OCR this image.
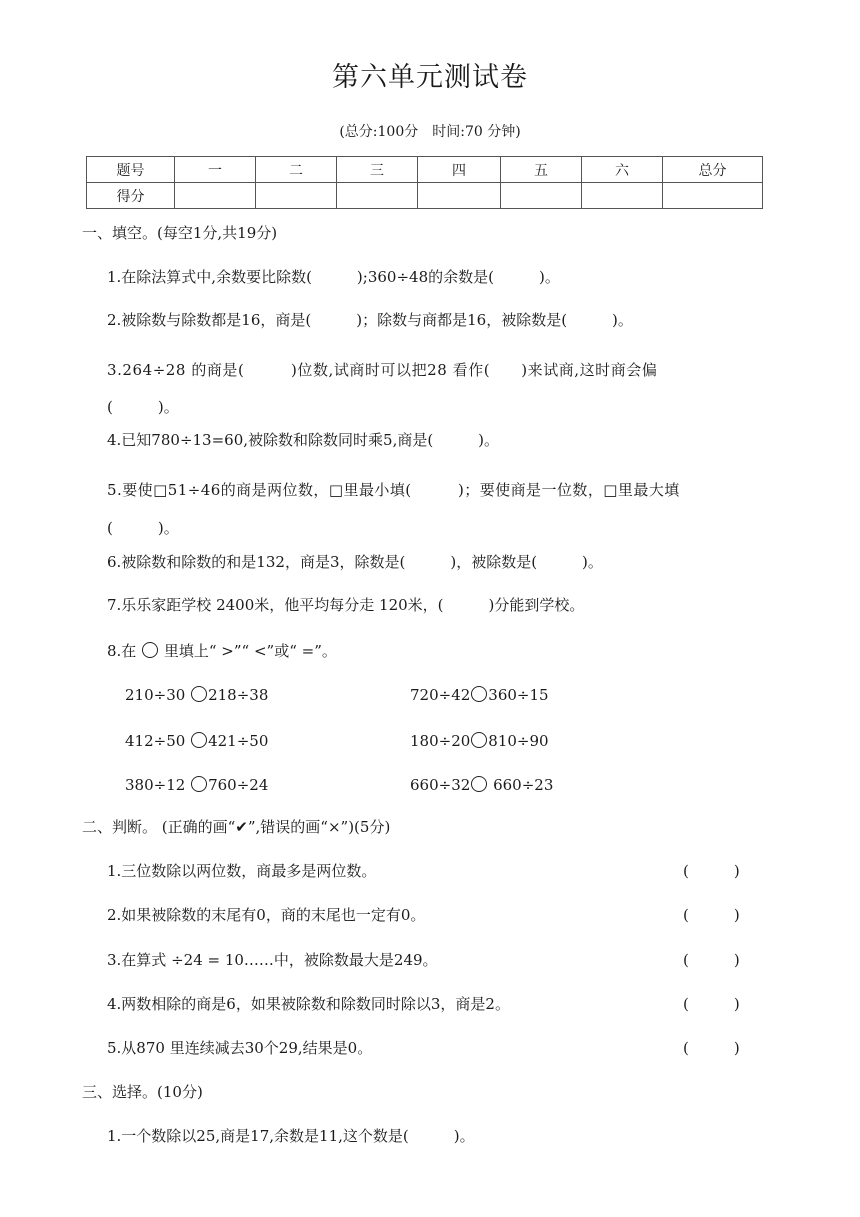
第六单元测试卷
(总分:100分　时间:70 分钟)
题号	一	二	三	四	五	六	总分
得分							
一、填空。(每空1分,共19分)
1.在除法算式中,余数要比除数(　　　);360÷48的余数是(　　　)。
2.被除数与除数都是16，商是(　　　)；除数与商都是16，被除数是(　　　)。
3.264÷28 的商是(　　　)位数,试商时可以把28 看作(　　)来试商,这时商会偏
(　　　)。
4.已知780÷13=60,被除数和除数同时乘5,商是(　　　)。
5.要使□51÷46的商是两位数，□里最小填(　　　)；要使商是一位数，□里最大填
(　　　)。
6.被除数和除数的和是132，商是3，除数是(　　　)，被除数是(　　　)。
7.乐乐家距学校 2400米，他平均每分走 120米，(　　　)分能到学校。
8.在 里填上“ >”“ <”或“ =”。
210÷30 218÷38	720÷42 360÷15
412÷50 421÷50	180÷20 810÷90
380÷12 760÷24	660÷32 660÷23
二、判断。 (正确的画“✔”,错误的画“×”)(5分)
1.三位数除以两位数，商最多是两位数。	(　　　)
2.如果被除数的末尾有0，商的末尾也一定有0。	(　　　)
3.在算式 ÷24 = 10……中，被除数最大是249。	(　　　)
4.两数相除的商是6，如果被除数和除数同时除以3，商是2。	(　　　)
5.从870 里连续减去30个29,结果是0。	(　　　)
三、选择。(10分)
1.一个数除以25,商是17,余数是11,这个数是(　　　)。
